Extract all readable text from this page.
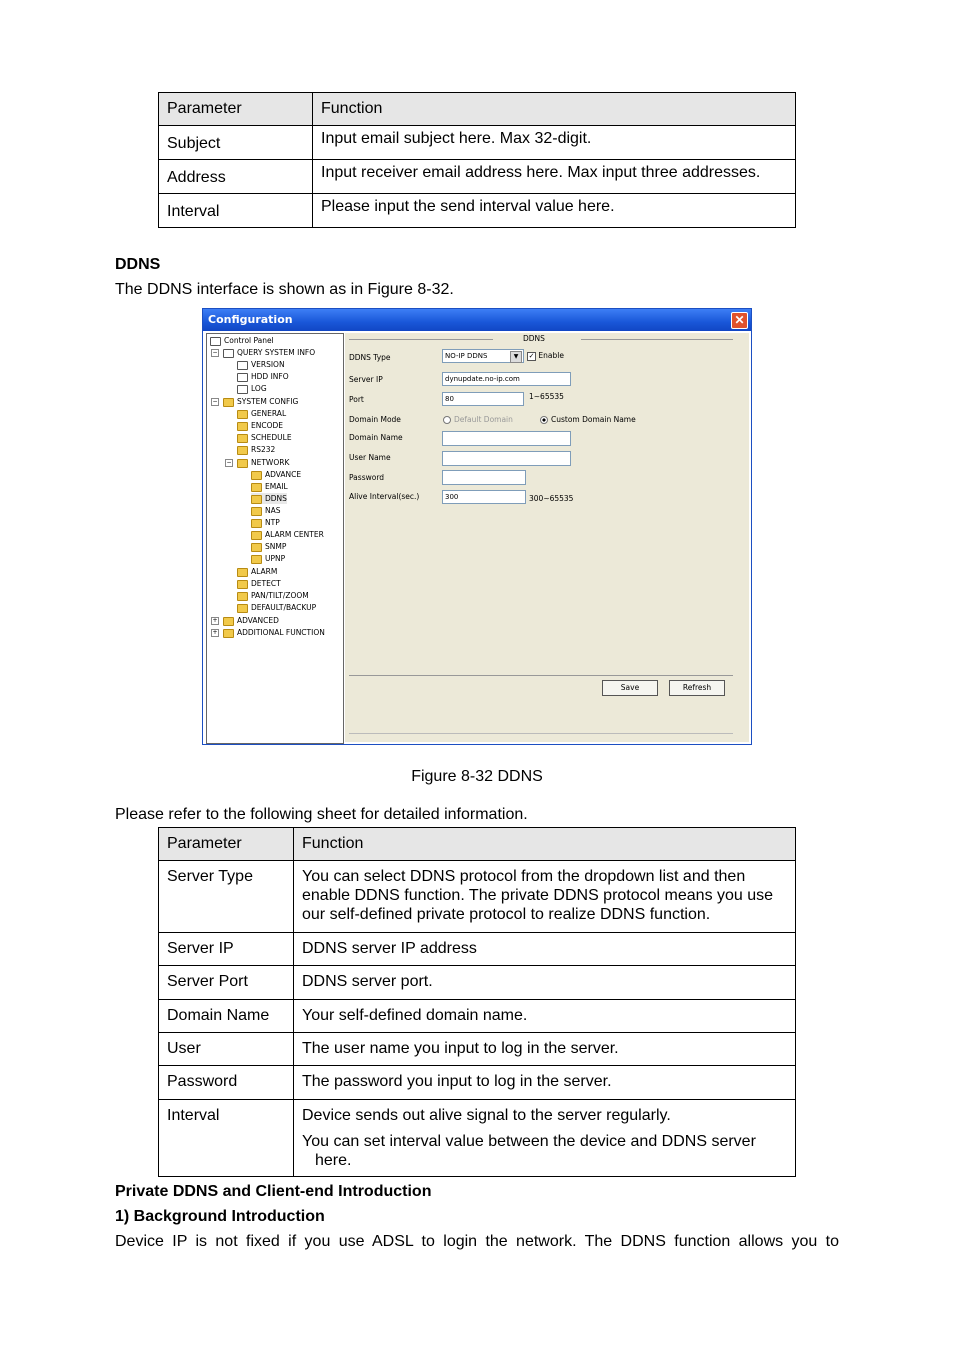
Parameter	Function
Subject	Input email subject here. Max 32-digit.
Address	Input receiver email address here. Max input three addresses.
Interval	Please input the send interval value here.
DDNS
The DDNS interface is shown as in Figure 8-32.
Configuration	✕
Control Panel
−	QUERY SYSTEM INFO
VERSION
HDD INFO
LOG
−	SYSTEM CONFIG
GENERAL
ENCODE
SCHEDULE
RS232
−	NETWORK
ADVANCE
EMAIL
DDNS
NAS
NTP
ALARM CENTER
SNMP
UPNP
ALARM
DETECT
PAN/TILT/ZOOM
DEFAULT/BACKUP
+	ADVANCED
+	ADDITIONAL FUNCTION
DDNS
DDNS Type	NO-IP DDNS	▼	✓ Enable
Server IP	dynupdate.no-ip.com
Port	80	1~65535
Domain Mode	Default Domain	Custom Domain Name
Domain Name
User Name
Password
Alive Interval(sec.)	300	300~65535
Save	Refresh
Figure 8-32 DDNS
Please refer to the following sheet for detailed information.
Parameter	Function
Server Type	You can select DDNS protocol from the dropdown list and then enable DDNS function. The private DDNS protocol means you use our self-defined private protocol to realize DDNS function.
Server IP	DDNS server IP address
Server Port	DDNS server port.
Domain Name	Your self-defined domain name.
User	The user name you input to log in the server.
Password	The password you input to log in the server.
Interval	Device sends out alive signal to the server regularly.
You can set interval value between the device and DDNS server here.
Private DDNS and Client-end Introduction
1) Background Introduction
Device IP is not fixed if you use ADSL to login the network. The DDNS function allows you to
